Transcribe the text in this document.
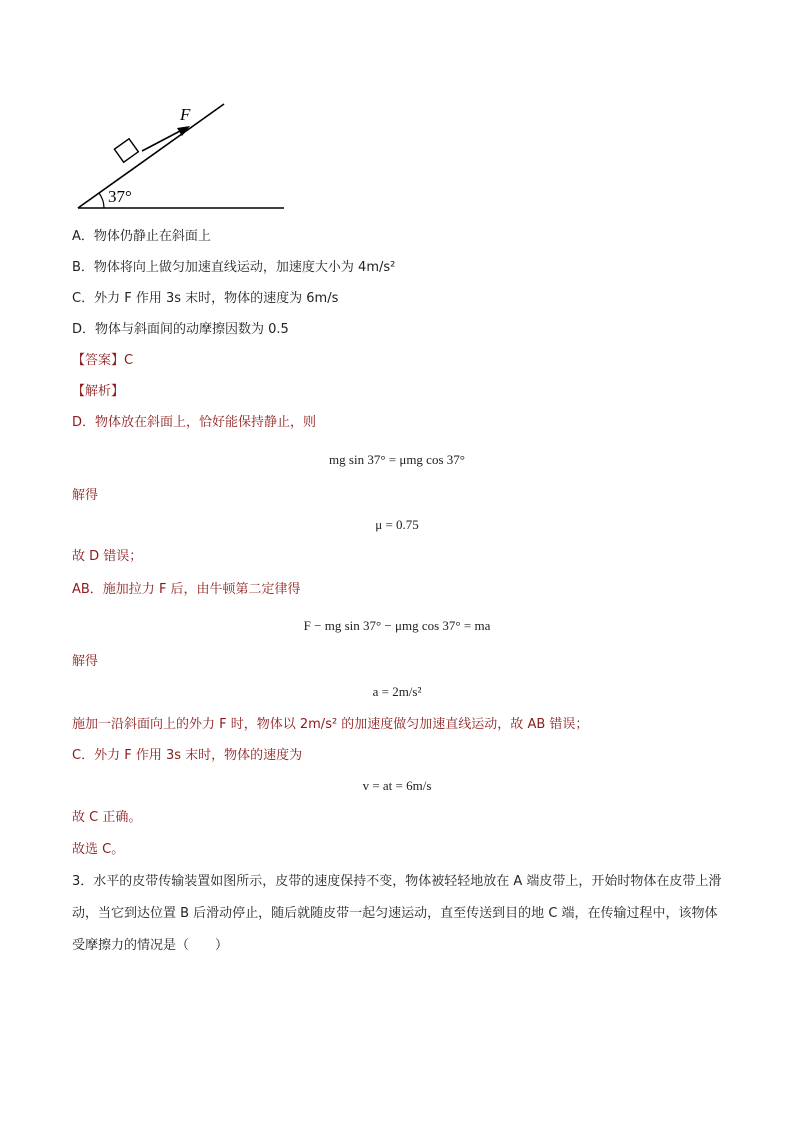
F
37°
A．物体仍静止在斜面上
B．物体将向上做匀加速直线运动，加速度大小为 4m/s²
C．外力 F 作用 3s 末时，物体的速度为 6m/s
D．物体与斜面间的动摩擦因数为 0.5
【答案】C
【解析】
D．物体放在斜面上，恰好能保持静止，则
mg sin 37° = μmg cos 37°
解得
μ = 0.75
故 D 错误；
AB．施加拉力 F 后，由牛顿第二定律得
F − mg sin 37° − μmg cos 37° = ma
解得
a = 2m/s²
施加一沿斜面向上的外力 F 时，物体以 2m/s² 的加速度做匀加速直线运动，故 AB 错误；
C．外力 F 作用 3s 末时，物体的速度为
v = at = 6m/s
故 C 正确。
故选 C。
3．水平的皮带传输装置如图所示，皮带的速度保持不变，物体被轻轻地放在 A 端皮带上，开始时物体在皮带上滑动，当它到达位置 B 后滑动停止，随后就随皮带一起匀速运动，直至传送到目的地 C 端，在传输过程中，该物体受摩擦力的情况是（　　）
